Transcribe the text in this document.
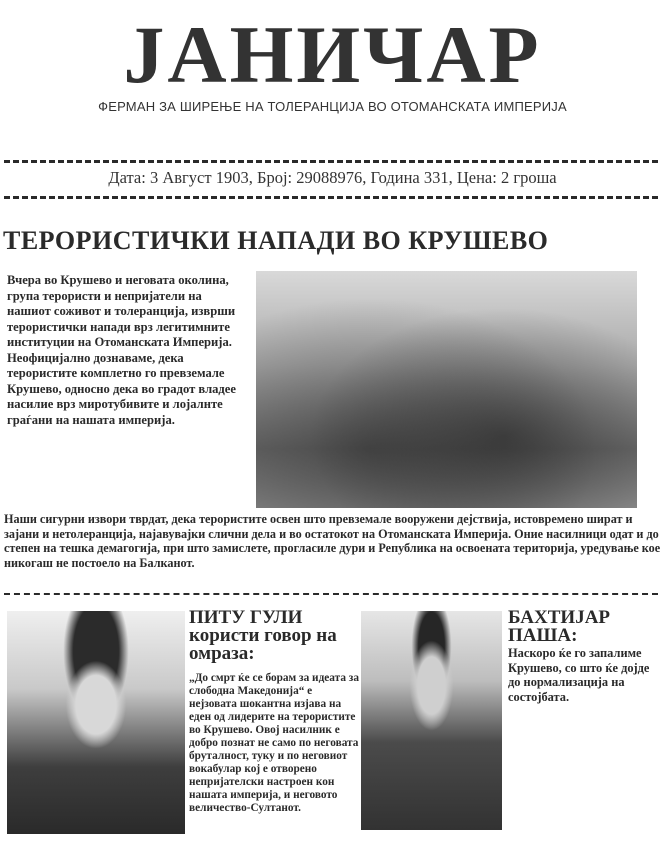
ЈАНИЧАР
ФЕРМАН ЗА ШИРЕЊЕ НА ТОЛЕРАНЦИЈА ВО ОТОМАНСКАТА ИМПЕРИЈА
Дата: 3 Август 1903, Број: 29088976, Година 331, Цена: 2 гроша
ТЕРОРИСТИЧКИ НАПАДИ ВО КРУШЕВО
Вчера во Крушево и неговата околина, група терористи и непријатели на нашиот соживот и толеранција, изврши терористички напади врз легитимните институции на Отоманската Империја. Неофицијално дознаваме, дека терористите комплетно го превземале Крушево, односно дека во градот владее насилие врз миротубивите и лојалнте граѓани на нашата империја.
Наши сигурни извори тврдат, дека терористите освен што превземале вооружени дејствија, истовремено шират и зајани и нетолеранција, најавувајки слични дела и во остатокот на Отоманската Империја. Оние насилници одат и до степен на тешка демагогија, при што замислете, прогласиле дури и Република на освоената територија, уредување кое никогаш не постоело на Балканот.
ПИТУ ГУЛИ користи говор на омраза:
„До смрт ќе се борам за идеата за слободна Македонија“ е нејзовата шокантна изјава на еден од лидерите на терористите во Крушево. Овој насилник е добро познат не само по неговата бруталност, туку и по неговиот вокабулар кој е отворено непријателски настроен кон нашата империја, и неговото величество-Султанот.
БАХТИЈАР ПАША:
Наскоро ќе го запалиме Крушево, со што ќе дојде до нормализација на состојбата.
